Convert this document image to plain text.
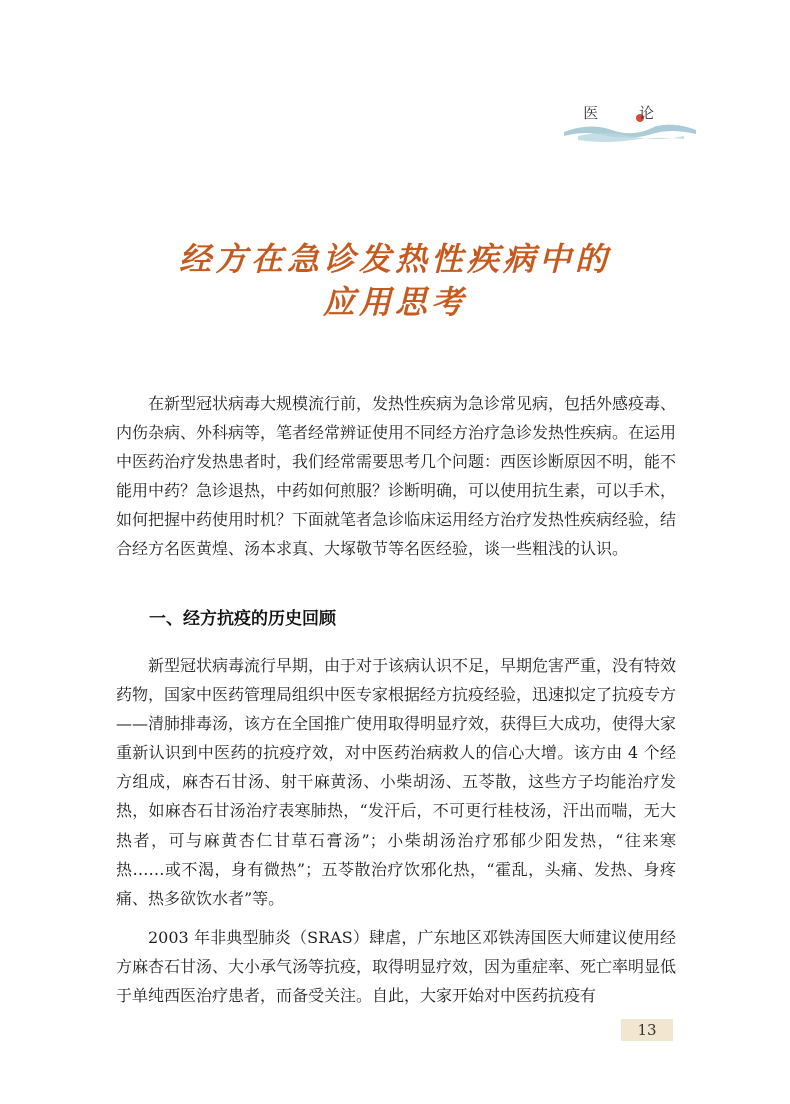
医 论
经方在急诊发热性疾病中的
应用思考
在新型冠状病毒大规模流行前，发热性疾病为急诊常见病，包括外感疫毒、内伤杂病、外科病等，笔者经常辨证使用不同经方治疗急诊发热性疾病。在运用中医药治疗发热患者时，我们经常需要思考几个问题：西医诊断原因不明，能不能用中药？急诊退热，中药如何煎服？诊断明确，可以使用抗生素，可以手术，如何把握中药使用时机？下面就笔者急诊临床运用经方治疗发热性疾病经验，结合经方名医黄煌、汤本求真、大塚敬节等名医经验，谈一些粗浅的认识。
一、经方抗疫的历史回顾
新型冠状病毒流行早期，由于对于该病认识不足，早期危害严重，没有特效药物，国家中医药管理局组织中医专家根据经方抗疫经验，迅速拟定了抗疫专方——清肺排毒汤，该方在全国推广使用取得明显疗效，获得巨大成功，使得大家重新认识到中医药的抗疫疗效，对中医药治病救人的信心大增。该方由 4 个经方组成，麻杏石甘汤、射干麻黄汤、小柴胡汤、五苓散，这些方子均能治疗发热，如麻杏石甘汤治疗表寒肺热，“发汗后，不可更行桂枝汤，汗出而喘，无大热者，可与麻黄杏仁甘草石膏汤”；小柴胡汤治疗邪郁少阳发热，“往来寒热……或不渴，身有微热”；五苓散治疗饮邪化热，“霍乱，头痛、发热、身疼痛、热多欲饮水者”等。
2003 年非典型肺炎（SRAS）肆虐，广东地区邓铁涛国医大师建议使用经方麻杏石甘汤、大小承气汤等抗疫，取得明显疗效，因为重症率、死亡率明显低于单纯西医治疗患者，而备受关注。自此，大家开始对中医药抗疫有
13
